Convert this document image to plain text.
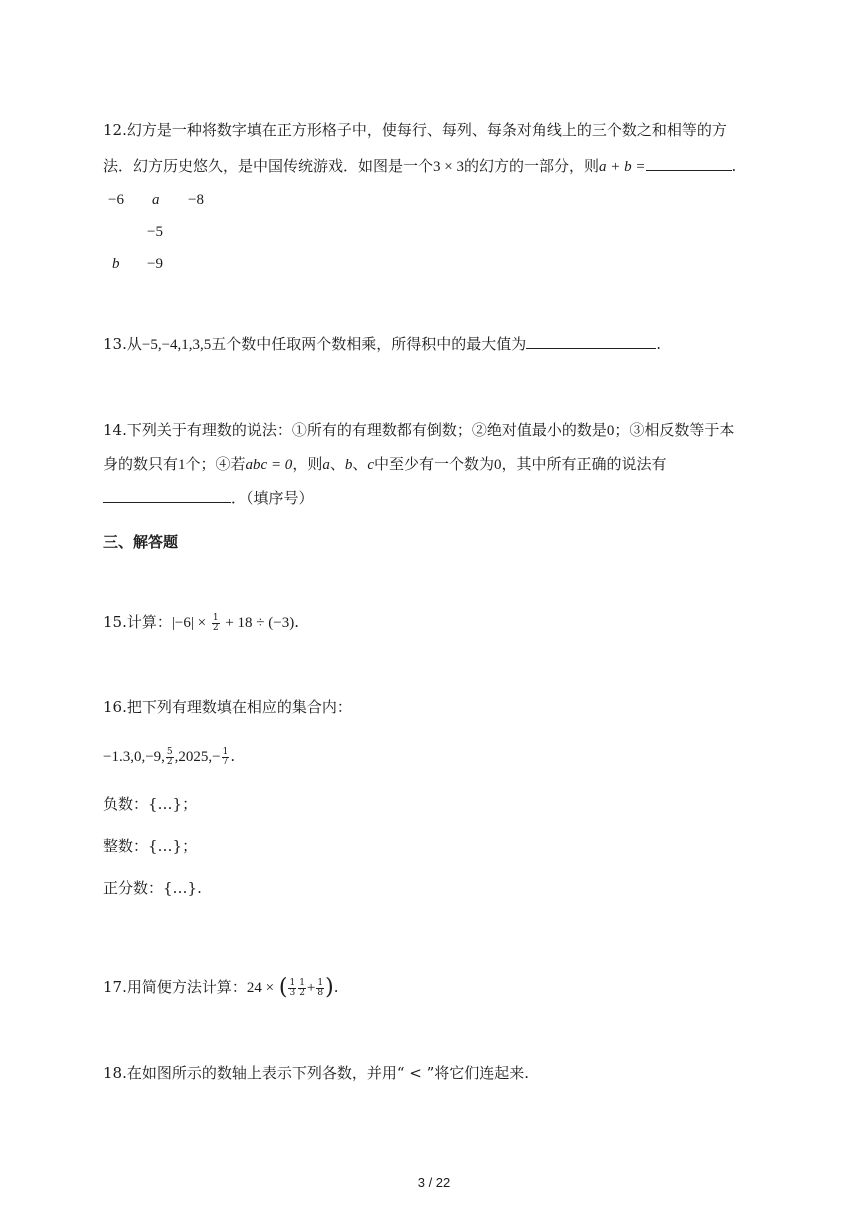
12.幻方是一种将数字填在正方形格子中，使每行、每列、每条对角线上的三个数之和相等的方
法．幻方历史悠久，是中国传统游戏．如图是一个3 × 3的幻方的一部分，则a + b =	.
−6 a −8
−5
b −9
13.从−5,−4,1,3,5五个数中任取两个数相乘，所得积中的最大值为	.
14.下列关于有理数的说法：①所有的有理数都有倒数；②绝对值最小的数是0；③相反数等于本
身的数只有1个；④若abc = 0，则a、b、c中至少有一个数为0，其中所有正确的说法有
．（填序号）
三、解答题
15.计算：$|-6| \times \frac{1}{2} + 18 \div (-3)$.
16.把下列有理数填在相应的集合内：
−1.3,0,−9, $\frac{5}{2} ,2025,- \frac{1}{7}$ .
负数：{…}；
整数：{…}；
正分数：{…}.
17.用简便方法计算：24 × ( $\frac{1}{3} \frac{1}{2} + \frac{1}{8}$ ).
18.在如图所示的数轴上表示下列各数，并用“ < ”将它们连起来.
3 / 22
